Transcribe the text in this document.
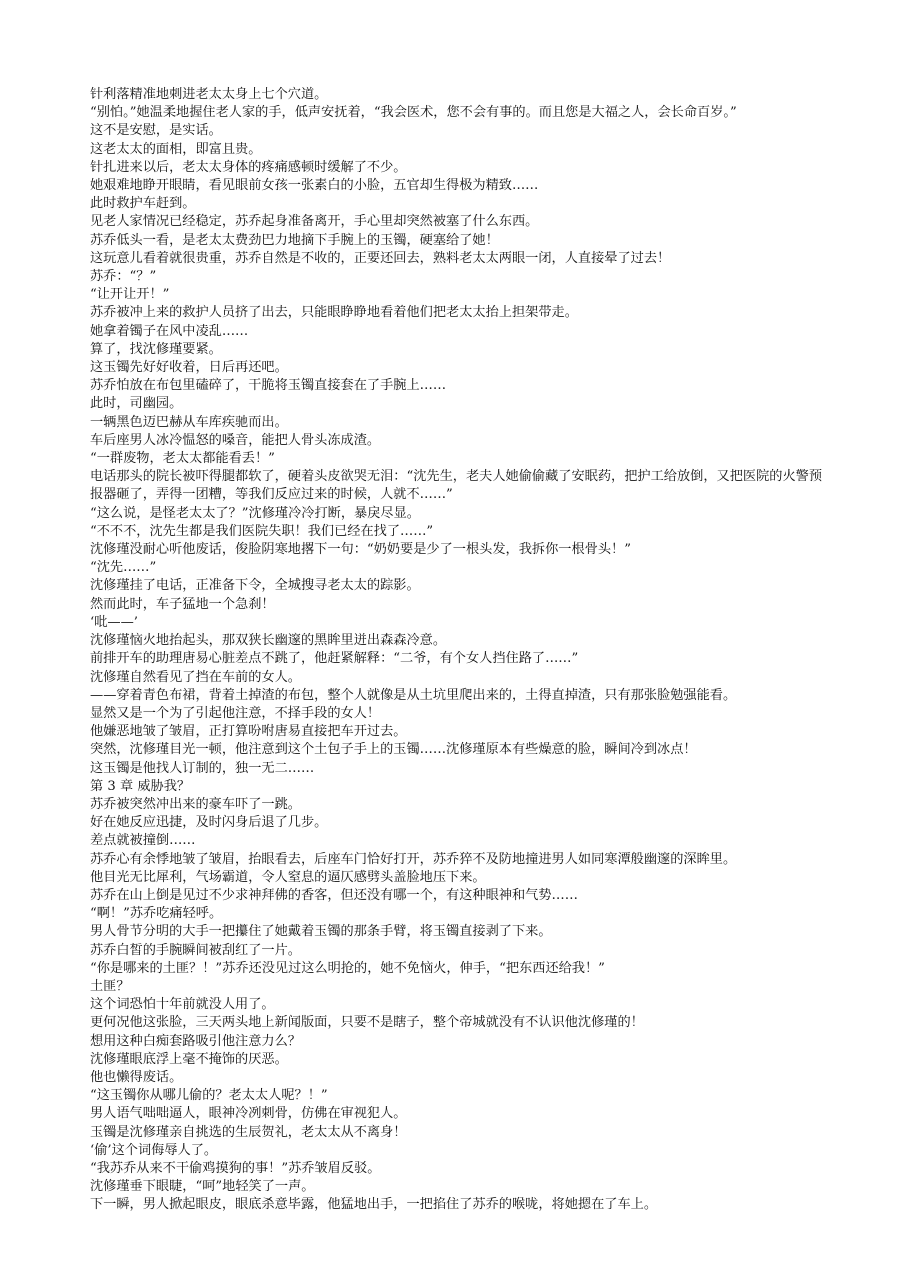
针利落精准地刺进老太太身上七个穴道。

“别怕。”她温柔地握住老人家的手，低声安抚着，“我会医术，您不会有事的。而且您是大福之人，会长命百岁。”

这不是安慰，是实话。

这老太太的面相，即富且贵。

针扎进来以后，老太太身体的疼痛感顿时缓解了不少。

她艰难地睁开眼睛，看见眼前女孩一张素白的小脸，五官却生得极为精致……

此时救护车赶到。

见老人家情况已经稳定，苏乔起身准备离开，手心里却突然被塞了什么东西。

苏乔低头一看，是老太太费劲巴力地摘下手腕上的玉镯，硬塞给了她！

这玩意儿看着就很贵重，苏乔自然是不收的，正要还回去，熟料老太太两眼一闭，人直接晕了过去！

苏乔：“？”

“让开让开！”

苏乔被冲上来的救护人员挤了出去，只能眼睁睁地看着他们把老太太抬上担架带走。

她拿着镯子在风中凌乱……

算了，找沈修瑾要紧。

这玉镯先好好收着，日后再还吧。

苏乔怕放在布包里磕碎了，干脆将玉镯直接套在了手腕上……

此时，司幽园。

一辆黑色迈巴赫从车库疾驰而出。

车后座男人冰冷愠怒的嗓音，能把人骨头冻成渣。

“一群废物，老太太都能看丢！”

电话那头的院长被吓得腿都软了，硬着头皮欲哭无泪：“沈先生，老夫人她偷偷藏了安眠药，把护工给放倒，又把医院的火警预报器砸了，弄得一团糟，等我们反应过来的时候，人就不……”

“这么说，是怪老太太了？”沈修瑾冷冷打断，暴戾尽显。

“不不不，沈先生都是我们医院失职！我们已经在找了……”

沈修瑾没耐心听他废话，俊脸阴寒地撂下一句：“奶奶要是少了一根头发，我拆你一根骨头！”

“沈先……”

沈修瑾挂了电话，正准备下令，全城搜寻老太太的踪影。

然而此时，车子猛地一个急刹！

‘吡——’

沈修瑾恼火地抬起头，那双狭长幽邃的黑眸里迸出森森冷意。

前排开车的助理唐易心脏差点不跳了，他赶紧解释：“二爷，有个女人挡住路了……”

沈修瑾自然看见了挡在车前的女人。

——穿着青色布裙，背着土掉渣的布包，整个人就像是从土坑里爬出来的，土得直掉渣，只有那张脸勉强能看。

显然又是一个为了引起他注意，不择手段的女人！

他嫌恶地皱了皱眉，正打算吩咐唐易直接把车开过去。

突然，沈修瑾目光一顿，他注意到这个土包子手上的玉镯……沈修瑾原本有些燥意的脸，瞬间冷到冰点！

这玉镯是他找人订制的，独一无二……

第 3 章 威胁我？

苏乔被突然冲出来的豪车吓了一跳。

好在她反应迅捷，及时闪身后退了几步。

差点就被撞倒……

苏乔心有余悸地皱了皱眉，抬眼看去，后座车门恰好打开，苏乔猝不及防地撞进男人如同寒潭般幽邃的深眸里。

他目光无比犀利，气场霸道，令人窒息的逼仄感劈头盖脸地压下来。

苏乔在山上倒是见过不少求神拜佛的香客，但还没有哪一个，有这种眼神和气势……

“啊！”苏乔吃痛轻呼。

男人骨节分明的大手一把攥住了她戴着玉镯的那条手臂，将玉镯直接剥了下来。

苏乔白皙的手腕瞬间被刮红了一片。

“你是哪来的土匪？！”苏乔还没见过这么明抢的，她不免恼火，伸手，“把东西还给我！”

土匪？

这个词恐怕十年前就没人用了。

更何况他这张脸，三天两头地上新闻版面，只要不是瞎子，整个帝城就没有不认识他沈修瑾的！

想用这种白痴套路吸引他注意力么？

沈修瑾眼底浮上毫不掩饰的厌恶。

他也懒得废话。

“这玉镯你从哪儿偷的？老太太人呢？！”

男人语气咄咄逼人，眼神冷冽刺骨，仿佛在审视犯人。

玉镯是沈修瑾亲自挑选的生辰贺礼，老太太从不离身！

‘偷’这个词侮辱人了。

“我苏乔从来不干偷鸡摸狗的事！”苏乔皱眉反驳。

沈修瑾垂下眼睫，“呵”地轻笑了一声。

下一瞬，男人掀起眼皮，眼底杀意毕露，他猛地出手，一把掐住了苏乔的喉咙，将她摁在了车上。
